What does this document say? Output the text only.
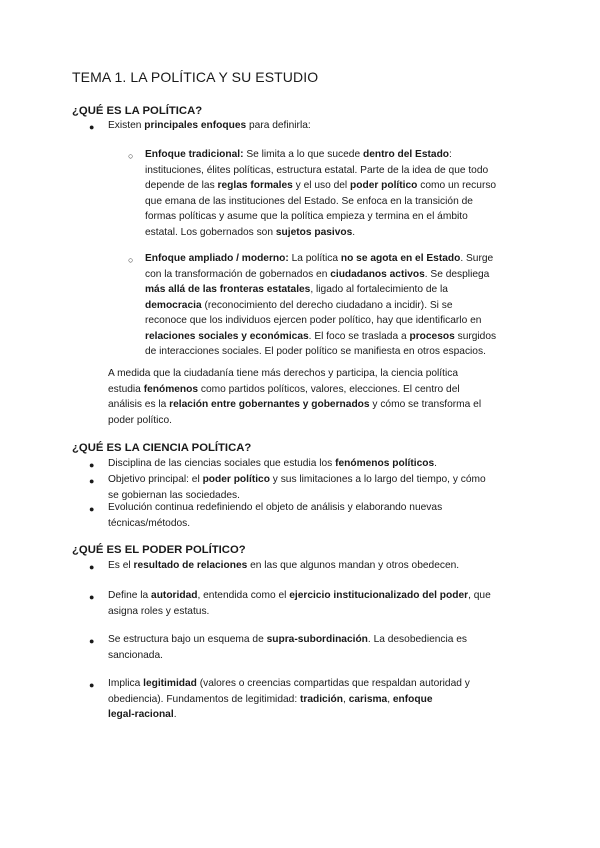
TEMA 1. LA POLÍTICA Y SU ESTUDIO
¿QUÉ ES LA POLÍTICA?
● Existen principales enfoques para definirla:
○ Enfoque tradicional: Se limita a lo que sucede dentro del Estado:
instituciones, élites políticas, estructura estatal. Parte de la idea de que todo
depende de las reglas formales y el uso del poder político como un recurso
que emana de las instituciones del Estado. Se enfoca en la transición de
formas políticas y asume que la política empieza y termina en el ámbito
estatal. Los gobernados son sujetos pasivos.
○ Enfoque ampliado / moderno: La política no se agota en el Estado. Surge
con la transformación de gobernados en ciudadanos activos. Se despliega
más allá de las fronteras estatales, ligado al fortalecimiento de la
democracia (reconocimiento del derecho ciudadano a incidir). Si se
reconoce que los individuos ejercen poder político, hay que identificarlo en
relaciones sociales y económicas. El foco se traslada a procesos surgidos
de interacciones sociales. El poder político se manifiesta en otros espacios.
A medida que la ciudadanía tiene más derechos y participa, la ciencia política
estudia fenómenos como partidos políticos, valores, elecciones. El centro del
análisis es la relación entre gobernantes y gobernados y cómo se transforma el
poder político.
¿QUÉ ES LA CIENCIA POLÍTICA?
● Disciplina de las ciencias sociales que estudia los fenómenos políticos.
● Objetivo principal: el poder político y sus limitaciones a lo largo del tiempo, y cómo
se gobiernan las sociedades.
● Evolución continua redefiniendo el objeto de análisis y elaborando nuevas
técnicas/métodos.
¿QUÉ ES EL PODER POLÍTICO?
● Es el resultado de relaciones en las que algunos mandan y otros obedecen.
● Define la autoridad, entendida como el ejercicio institucionalizado del poder, que
asigna roles y estatus.
● Se estructura bajo un esquema de supra-subordinación. La desobediencia es
sancionada.
● Implica legitimidad (valores o creencias compartidas que respaldan autoridad y
obediencia). Fundamentos de legitimidad: tradición, carisma, enfoque
legal-racional.
